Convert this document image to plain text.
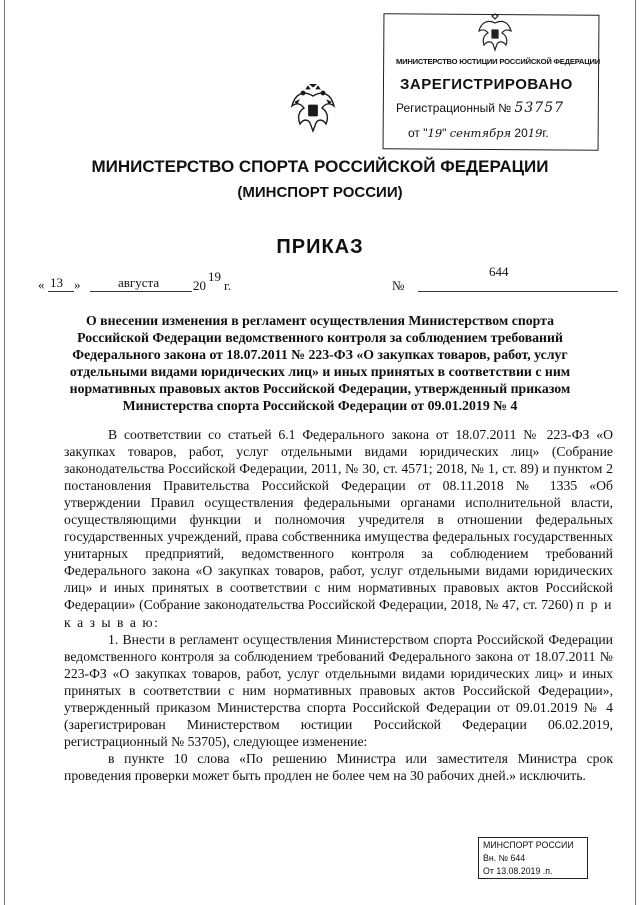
МИНИСТЕРСТВО ЮСТИЦИИ РОССИЙСКОЙ ФЕДЕРАЦИИ
ЗАРЕГИСТРИРОВАНО
Регистрационный № 53757
от "19" сентября 2019г.
МИНИСТЕРСТВО СПОРТА РОССИЙСКОЙ ФЕДЕРАЦИИ
(МИНСПОРТ РОССИИ)
ПРИКАЗ
« 13 »	августа	20
19
г.	№
644
О внесении изменения в регламент осуществления Министерством спорта Российской Федерации ведомственного контроля за соблюдением требований Федерального закона от 18.07.2011 № 223-ФЗ «О закупках товаров, работ, услуг отдельными видами юридических лиц» и иных принятых в соответствии с ним нормативных правовых актов Российской Федерации, утвержденный приказом Министерства спорта Российской Федерации от 09.01.2019 № 4

В соответствии со статьей 6.1 Федерального закона от 18.07.2011 № 223-ФЗ «О закупках товаров, работ, услуг отдельными видами юридических лиц» (Собрание законодательства Российской Федерации, 2011, № 30, ст. 4571; 2018, № 1, ст. 89) и пунктом 2 постановления Правительства Российской Федерации от 08.11.2018 № 1335 «Об утверждении Правил осуществления федеральными органами исполнительной власти, осуществляющими функции и полномочия учредителя в отношении федеральных государственных учреждений, права собственника имущества федеральных государственных унитарных предприятий, ведомственного контроля за соблюдением требований Федерального закона «О закупках товаров, работ, услуг отдельными видами юридических лиц» и иных принятых в соответствии с ним нормативных правовых актов Российской Федерации» (Собрание законодательства Российской Федерации, 2018, № 47, ст. 7260) п р и к а з ы в а ю:

1. Внести в регламент осуществления Министерством спорта Российской Федерации ведомственного контроля за соблюдением требований Федерального закона от 18.07.2011 № 223-ФЗ «О закупках товаров, работ, услуг отдельными видами юридических лиц» и иных принятых в соответствии с ним нормативных правовых актов Российской Федерации», утвержденный приказом Министерства спорта Российской Федерации от 09.01.2019 № 4 (зарегистрирован Министерством юстиции Российской Федерации 06.02.2019, регистрационный № 53705), следующее изменение:

в пункте 10 слова «По решению Министра или заместителя Министра срок проведения проверки может быть продлен не более чем на 30 рабочих дней.» исключить.

МИНСПОРТ РОССИИ
Вн. № 644
От 13.08.2019 .п.
